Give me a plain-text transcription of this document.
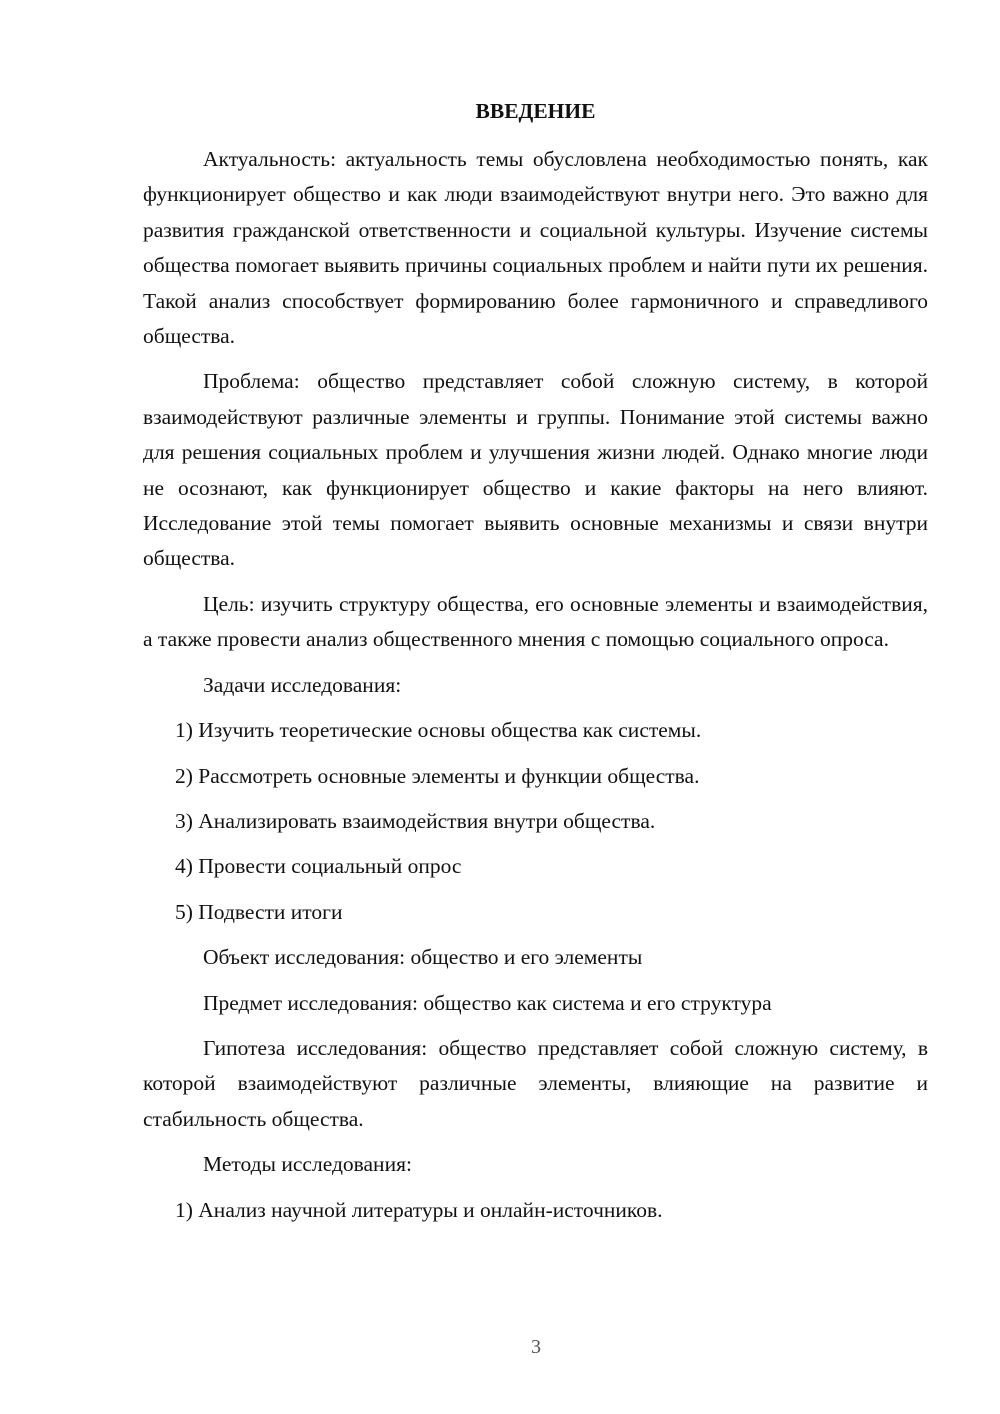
ВВЕДЕНИЕ

Актуальность: актуальность темы обусловлена необходимостью понять, как функционирует общество и как люди взаимодействуют внутри него. Это важно для развития гражданской ответственности и социальной культуры. Изучение системы общества помогает выявить причины социальных проблем и найти пути их решения. Такой анализ способствует формированию более гармоничного и справедливого общества.

Проблема: общество представляет собой сложную систему, в которой взаимодействуют различные элементы и группы. Понимание этой системы важно для решения социальных проблем и улучшения жизни людей. Однако многие люди не осознают, как функционирует общество и какие факторы на него влияют. Исследование этой темы помогает выявить основные механизмы и связи внутри общества.

Цель: изучить структуру общества, его основные элементы и взаимодействия, а также провести анализ общественного мнения с помощью социального опроса.

Задачи исследования:
1) Изучить теоретические основы общества как системы.
2) Рассмотреть основные элементы и функции общества.
3) Анализировать взаимодействия внутри общества.
4) Провести социальный опрос
5) Подвести итоги
Объект исследования: общество и его элементы
Предмет исследования: общество как система и его структура

Гипотеза исследования: общество представляет собой сложную систему, в которой взаимодействуют различные элементы, влияющие на развитие и стабильность общества.

Методы исследования:
1) Анализ научной литературы и онлайн-источников.
3
